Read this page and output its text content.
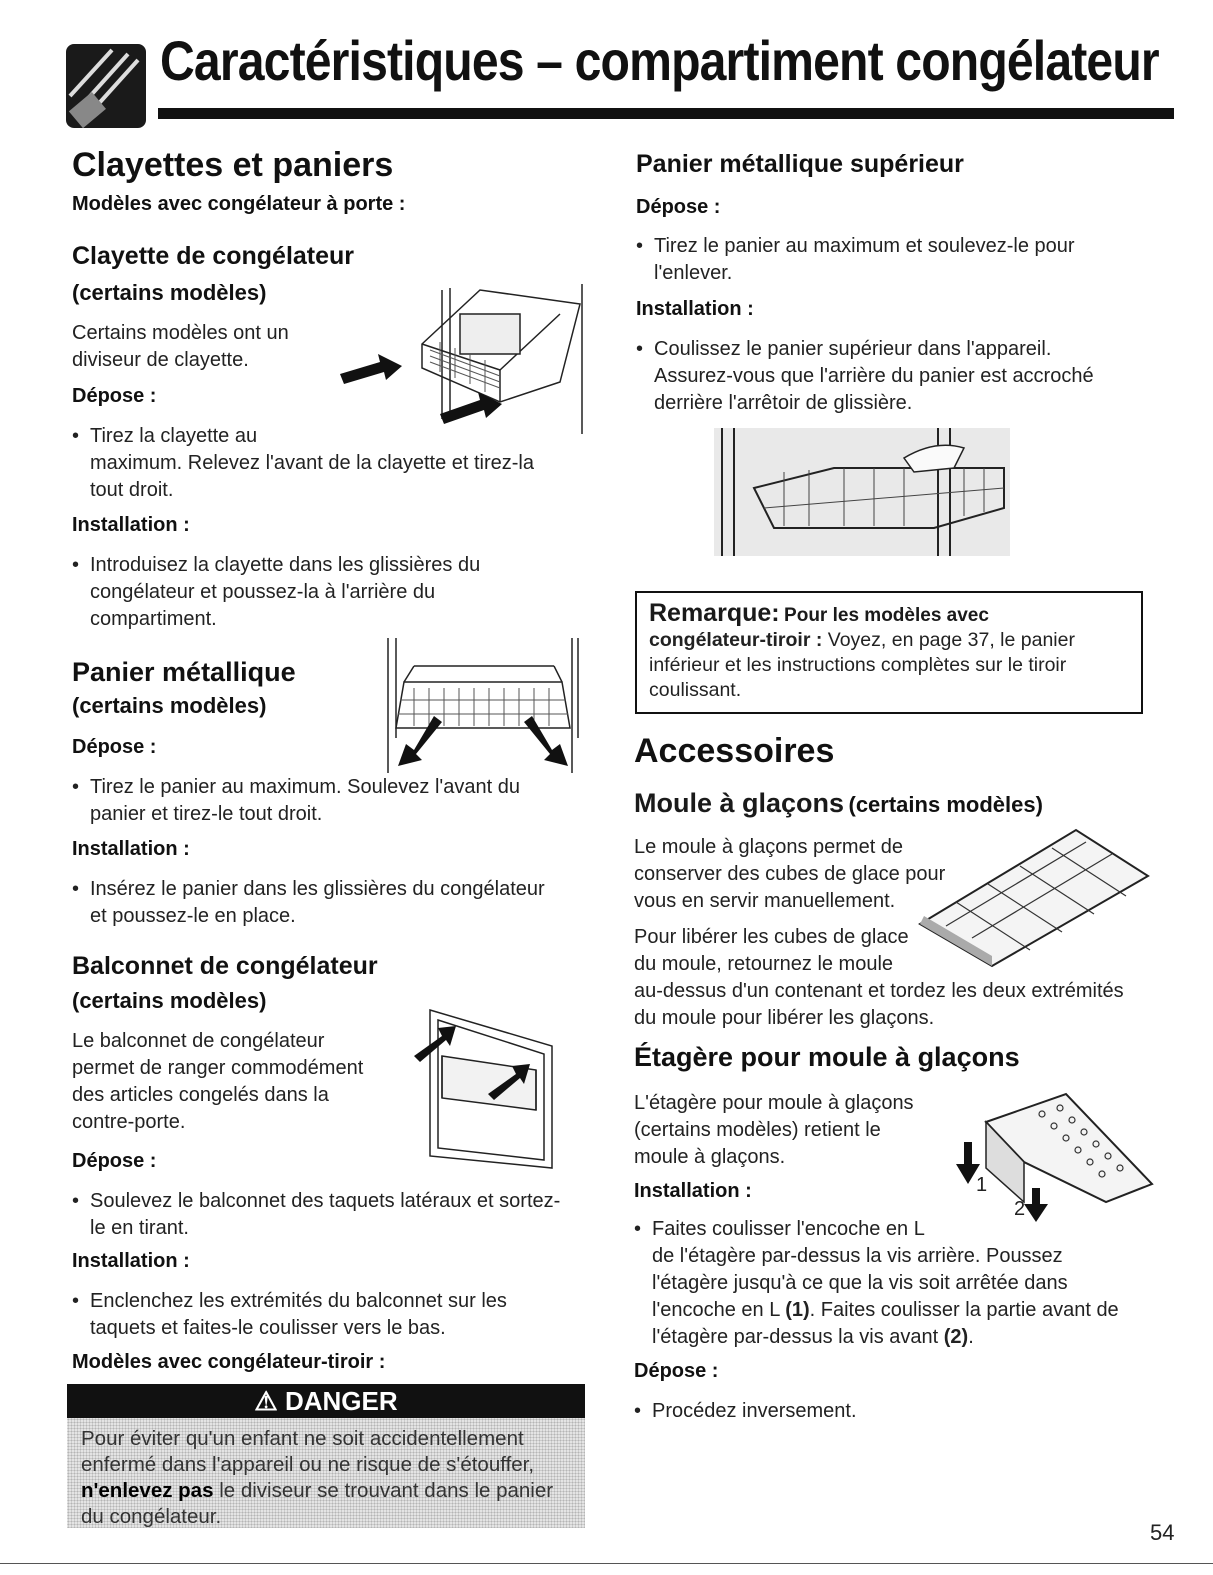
Caractéristiques – compartiment congélateur
Clayettes et paniers
Modèles avec congélateur à porte :
Clayette de congélateur
(certains modèles)
Certains modèles ont un
diviseur de clayette.
Dépose :
• Tirez la clayette au
maximum. Relevez l'avant de la clayette et tirez-la
tout droit.
Installation :
• Introduisez la clayette dans les glissières du
congélateur et poussez-la à l'arrière du
compartiment.
Panier métallique
(certains modèles)
Dépose :
• Tirez le panier au maximum. Soulevez l'avant du
panier et tirez-le tout droit.
Installation :
• Insérez le panier dans les glissières du congélateur
et poussez-le en place.
Balconnet de congélateur
(certains modèles)
Le balconnet de congélateur
permet de ranger commodément
des articles congelés dans la
contre-porte.
Dépose :
• Soulevez le balconnet des taquets latéraux et sortez-
le en tirant.
Installation :
• Enclenchez les extrémités du balconnet sur les
taquets et faites-le coulisser vers le bas.
Modèles avec congélateur-tiroir :
⚠ DANGER
Pour éviter qu'un enfant ne soit accidentellement
enfermé dans l'appareil ou ne risque de s'étouffer,
n'enlevez pas le diviseur se trouvant dans le panier
du congélateur.
Panier métallique supérieur
Dépose :
• Tirez le panier au maximum et soulevez-le pour
l'enlever.
Installation :
• Coulissez le panier supérieur dans l'appareil.
Assurez-vous que l'arrière du panier est accroché
derrière l'arrêtoir de glissière.
Remarque: Pour les modèles avec
congélateur-tiroir : Voyez, en page 37, le panier
inférieur et les instructions complètes sur le tiroir
coulissant.
Accessoires
Moule à glaçons (certains modèles)
Le moule à glaçons permet de
conserver des cubes de glace pour
vous en servir manuellement.
Pour libérer les cubes de glace
du moule, retournez le moule
au-dessus d'un contenant et tordez les deux extrémités
du moule pour libérer les glaçons.
Étagère pour moule à glaçons
L'étagère pour moule à glaçons
(certains modèles) retient le
moule à glaçons.
Installation :
• Faites coulisser l'encoche en L
de l'étagère par-dessus la vis arrière. Poussez
l'étagère jusqu'à ce que la vis soit arrêtée dans
l'encoche en L (1). Faites coulisser la partie avant de
l'étagère par-dessus la vis avant (2).
Dépose :
• Procédez inversement.
1
2
54
